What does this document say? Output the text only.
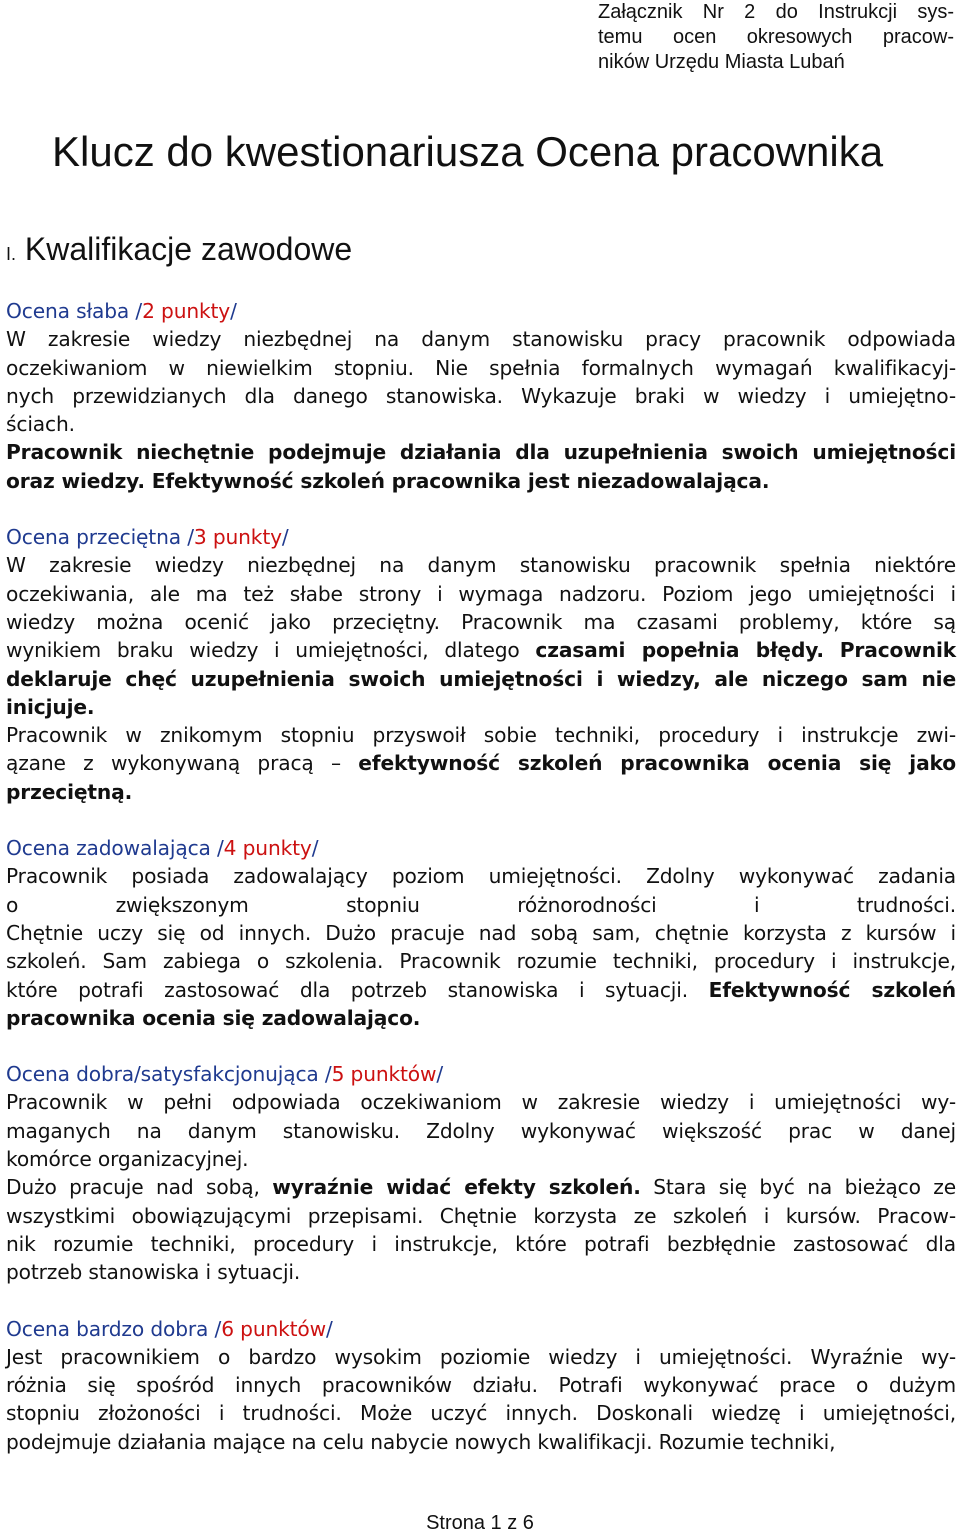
Załącznik Nr 2 do Instrukcji sys-
temu ocen okresowych pracow-
ników Urzędu Miasta Lubań
Klucz do kwestionariusza Ocena pracownika
I. Kwalifikacje zawodowe

Ocena słaba /2 punkty/

W zakresie wiedzy niezbędnej na danym stanowisku pracy pracownik odpowiada
oczekiwaniom w niewielkim stopniu. Nie spełnia formalnych wymagań kwalifikacyj-
nych przewidzianych dla danego stanowiska. Wykazuje braki w wiedzy i umiejętno-
ściach.
Pracownik niechętnie podejmuje działania dla uzupełnienia swoich umiejętności
oraz wiedzy. Efektywność szkoleń pracownika jest niezadowalająca.

Ocena przeciętna /3 punkty/

W zakresie wiedzy niezbędnej na danym stanowisku pracownik spełnia niektóre
oczekiwania, ale ma też słabe strony i wymaga nadzoru. Poziom jego umiejętności i
wiedzy można ocenić jako przeciętny. Pracownik ma czasami problemy, które są
wynikiem braku wiedzy i umiejętności, dlatego czasami popełnia błędy. Pracownik
deklaruje chęć uzupełnienia swoich umiejętności i wiedzy, ale niczego sam nie
inicjuje.
Pracownik w znikomym stopniu przyswoił sobie techniki, procedury i instrukcje zwi-
ązane z wykonywaną pracą – efektywność szkoleń pracownika ocenia się jako
przeciętną.

Ocena zadowalająca /4 punkty/

Pracownik posiada zadowalający poziom umiejętności. Zdolny wykonywać zadania
o zwiększonym stopniu różnorodności i trudności.
Chętnie uczy się od innych. Dużo pracuje nad sobą sam, chętnie korzysta z kursów i
szkoleń. Sam zabiega o szkolenia. Pracownik rozumie techniki, procedury i instrukcje,
które potrafi zastosować dla potrzeb stanowiska i sytuacji. Efektywność szkoleń
pracownika ocenia się zadowalająco.

Ocena dobra/satysfakcjonująca /5 punktów/

Pracownik w pełni odpowiada oczekiwaniom w zakresie wiedzy i umiejętności wy-
maganych na danym stanowisku. Zdolny wykonywać większość prac w danej
komórce organizacyjnej.
Dużo pracuje nad sobą, wyraźnie widać efekty szkoleń. Stara się być na bieżąco ze
wszystkimi obowiązującymi przepisami. Chętnie korzysta ze szkoleń i kursów. Pracow-
nik rozumie techniki, procedury i instrukcje, które potrafi bezbłędnie zastosować dla
potrzeb stanowiska i sytuacji.

Ocena bardzo dobra /6 punktów/

Jest pracownikiem o bardzo wysokim poziomie wiedzy i umiejętności. Wyraźnie wy-
różnia się spośród innych pracowników działu. Potrafi wykonywać prace o dużym
stopniu złożoności i trudności. Może uczyć innych. Doskonali wiedzę i umiejętności,
podejmuje działania mające na celu nabycie nowych kwalifikacji. Rozumie techniki,
Strona 1 z 6
